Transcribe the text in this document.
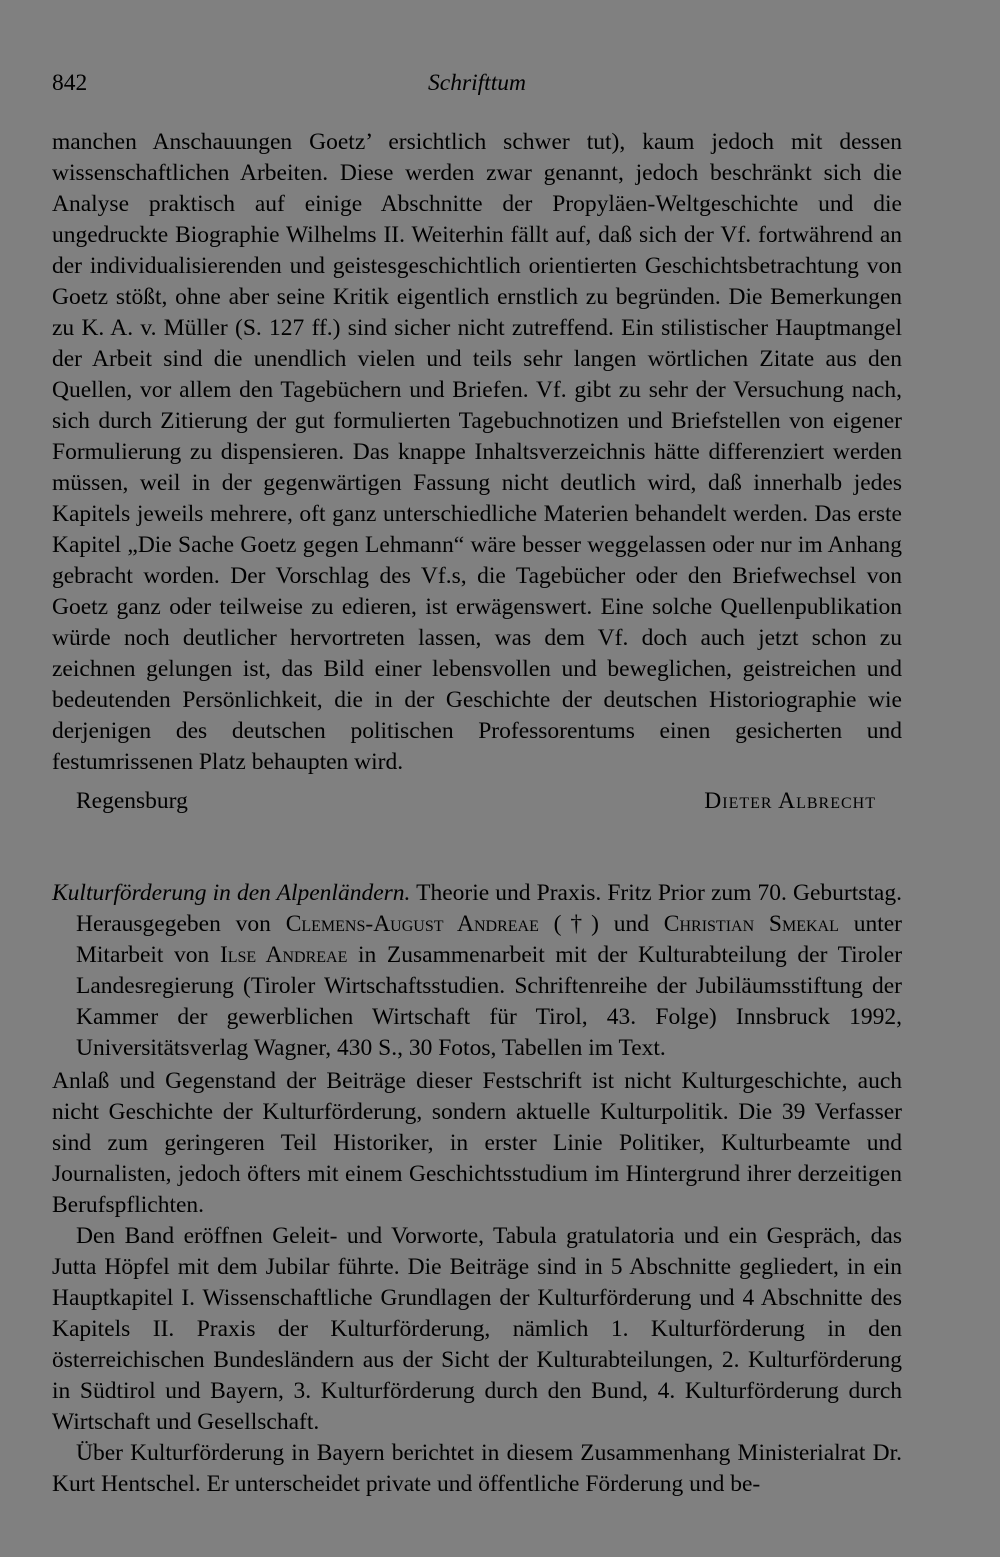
842	Schrifttum

manchen Anschauungen Goetz’ ersichtlich schwer tut), kaum jedoch mit dessen wissenschaftlichen Arbeiten. Diese werden zwar genannt, jedoch beschränkt sich die Analyse praktisch auf einige Abschnitte der Propyläen-Weltgeschichte und die ungedruckte Biographie Wilhelms II. Weiterhin fällt auf, daß sich der Vf. fortwährend an der individualisierenden und geistesgeschichtlich orientierten Geschichtsbetrachtung von Goetz stößt, ohne aber seine Kritik eigentlich ernstlich zu begründen. Die Bemerkungen zu K. A. v. Müller (S. 127 ff.) sind sicher nicht zutreffend. Ein stilistischer Hauptmangel der Arbeit sind die unendlich vielen und teils sehr langen wörtlichen Zitate aus den Quellen, vor allem den Tagebüchern und Briefen. Vf. gibt zu sehr der Versuchung nach, sich durch Zitierung der gut formulierten Tagebuchnotizen und Briefstellen von eigener Formulierung zu dispensieren. Das knappe Inhaltsverzeichnis hätte differenziert werden müssen, weil in der gegenwärtigen Fassung nicht deutlich wird, daß innerhalb jedes Kapitels jeweils mehrere, oft ganz unterschiedliche Materien behandelt werden. Das erste Kapitel „Die Sache Goetz gegen Lehmann“ wäre besser weggelassen oder nur im Anhang gebracht worden. Der Vorschlag des Vf.s, die Tagebücher oder den Briefwechsel von Goetz ganz oder teilweise zu edieren, ist erwägenswert. Eine solche Quellenpublikation würde noch deutlicher hervortreten lassen, was dem Vf. doch auch jetzt schon zu zeichnen gelungen ist, das Bild einer lebensvollen und beweglichen, geistreichen und bedeutenden Persönlichkeit, die in der Geschichte der deutschen Historiographie wie derjenigen des deutschen politischen Professorentums einen gesicherten und festumrissenen Platz behaupten wird.

Regensburg	Dieter Albrecht

Kulturförderung in den Alpenländern. Theorie und Praxis. Fritz Prior zum 70. Geburtstag. Herausgegeben von Clemens-August Andreae (†) und Christian Smekal unter Mitarbeit von Ilse Andreae in Zusammenarbeit mit der Kulturabteilung der Tiroler Landesregierung (Tiroler Wirtschaftsstudien. Schriftenreihe der Jubiläumsstiftung der Kammer der gewerblichen Wirtschaft für Tirol, 43. Folge) Innsbruck 1992, Universitätsverlag Wagner, 430 S., 30 Fotos, Tabellen im Text.

Anlaß und Gegenstand der Beiträge dieser Festschrift ist nicht Kulturgeschichte, auch nicht Geschichte der Kulturförderung, sondern aktuelle Kulturpolitik. Die 39 Verfasser sind zum geringeren Teil Historiker, in erster Linie Politiker, Kulturbeamte und Journalisten, jedoch öfters mit einem Geschichtsstudium im Hintergrund ihrer derzeitigen Berufspflichten.

Den Band eröffnen Geleit- und Vorworte, Tabula gratulatoria und ein Gespräch, das Jutta Höpfel mit dem Jubilar führte. Die Beiträge sind in 5 Abschnitte gegliedert, in ein Hauptkapitel I. Wissenschaftliche Grundlagen der Kulturförderung und 4 Abschnitte des Kapitels II. Praxis der Kulturförderung, nämlich 1. Kulturförderung in den österreichischen Bundesländern aus der Sicht der Kulturabteilungen, 2. Kulturförderung in Südtirol und Bayern, 3. Kulturförderung durch den Bund, 4. Kulturförderung durch Wirtschaft und Gesellschaft.

Über Kulturförderung in Bayern berichtet in diesem Zusammenhang Ministerialrat Dr. Kurt Hentschel. Er unterscheidet private und öffentliche Förderung und be-
